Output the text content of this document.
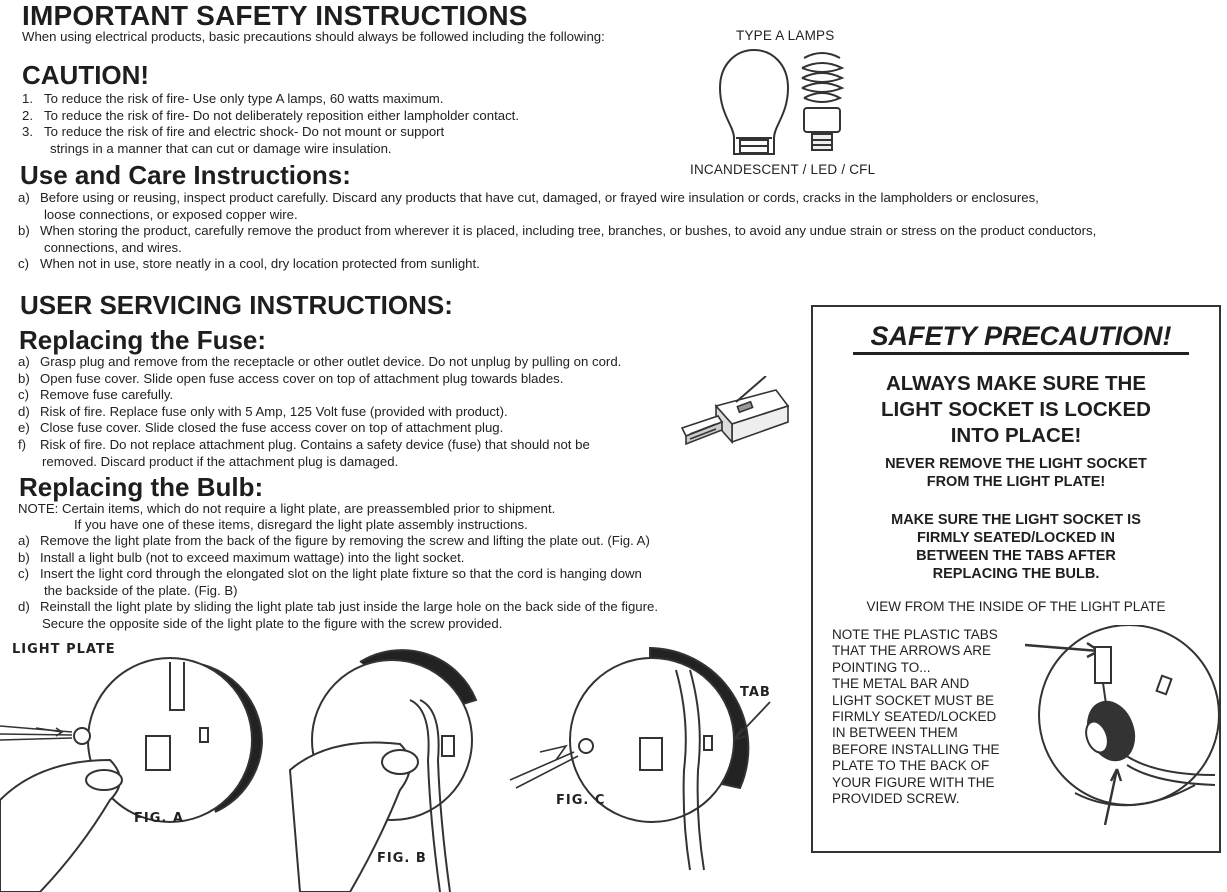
IMPORTANT SAFETY INSTRUCTIONS
When using electrical products, basic precautions should always be followed including the following:	TYPE A LAMPS
INCANDESCENT / LED / CFL
CAUTION!
1. To reduce the risk of fire- Use only type A lamps, 60 watts maximum.
2. To reduce the risk of fire- Do not deliberately reposition either lampholder contact.
3. To reduce the risk of fire and electric shock- Do not mount or support
strings in a manner that can cut or damage wire insulation.
Use and Care Instructions:
a) Before using or reusing, inspect product carefully. Discard any products that have cut, damaged, or frayed wire insulation or cords, cracks in the lampholders or enclosures,
loose connections, or exposed copper wire.
b) When storing the product, carefully remove the product from wherever it is placed, including tree, branches, or bushes, to avoid any undue strain or stress on the product conductors,
connections, and wires.
c) When not in use, store neatly in a cool, dry location protected from sunlight.
USER SERVICING INSTRUCTIONS:
Replacing the Fuse:
a) Grasp plug and remove from the receptacle or other outlet device. Do not unplug by pulling on cord.
b) Open fuse cover. Slide open fuse access cover on top of attachment plug towards blades.
c) Remove fuse carefully.
d) Risk of fire. Replace fuse only with 5 Amp, 125 Volt fuse (provided with product).
e) Close fuse cover. Slide closed the fuse access cover on top of attachment plug.
f) Risk of fire. Do not replace attachment plug. Contains a safety device (fuse) that should not be
removed. Discard product if the attachment plug is damaged.
Replacing the Bulb:
NOTE: Certain items, which do not require a light plate, are preassembled prior to shipment.
If you have one of these items, disregard the light plate assembly instructions.
a) Remove the light plate from the back of the figure by removing the screw and lifting the plate out. (Fig. A)
b) Install a light bulb (not to exceed maximum wattage) into the light socket.
c) Insert the light cord through the elongated slot on the light plate fixture so that the cord is hanging down
the backside of the plate. (Fig. B)
d) Reinstall the light plate by sliding the light plate tab just inside the large hole on the back side of the figure.
Secure the opposite side of the light plate to the figure with the screw provided.
LIGHT PLATE
FIG. A
FIG. B
FIG. C
TAB
SAFETY PRECAUTION!
ALWAYS MAKE SURE THE
LIGHT SOCKET IS LOCKED
INTO PLACE!
NEVER REMOVE THE LIGHT SOCKET
FROM THE LIGHT PLATE!
MAKE SURE THE LIGHT SOCKET IS
FIRMLY SEATED/LOCKED IN
BETWEEN THE TABS AFTER
REPLACING THE BULB.
VIEW FROM THE INSIDE OF THE LIGHT PLATE
NOTE THE PLASTIC TABS
THAT THE ARROWS ARE
POINTING TO...
THE METAL BAR AND
LIGHT SOCKET MUST BE
FIRMLY SEATED/LOCKED
IN BETWEEN THEM
BEFORE INSTALLING THE
PLATE TO THE BACK OF
YOUR FIGURE WITH THE
PROVIDED SCREW.
